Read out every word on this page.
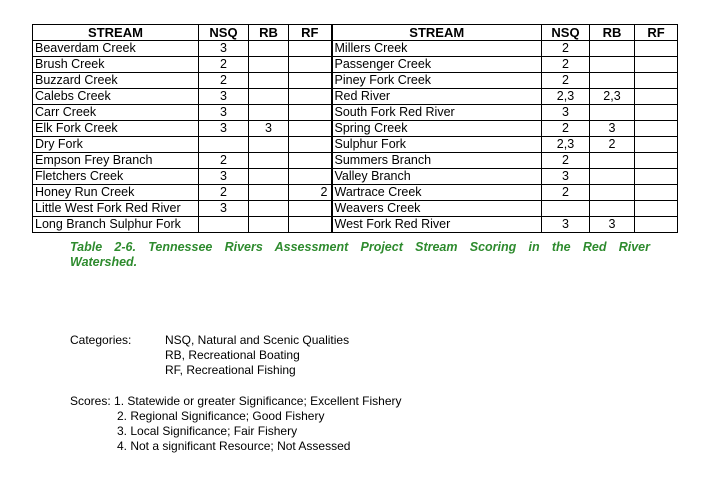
STREAM	NSQ	RB	RF	STREAM	NSQ	RB	RF
Beaverdam Creek	3			Millers Creek	2		
Brush Creek	2			Passenger Creek	2		
Buzzard Creek	2			Piney Fork Creek	2		
Calebs Creek	3			Red River	2,3	2,3	
Carr Creek	3			South Fork Red River	3		
Elk Fork Creek	3	3		Spring Creek	2	3	
Dry Fork				Sulphur Fork	2,3	2	
Empson Frey Branch	2			Summers Branch	2		
Fletchers Creek	3			Valley Branch	3		
Honey Run Creek	2		2	Wartrace Creek	2		
Little West Fork Red River	3			Weavers Creek			
Long Branch Sulphur Fork				West Fork Red River	3	3	
Table 2-6. Tennessee Rivers Assessment Project Stream Scoring in the Red River
Watershed.
Categories:	NSQ, Natural and Scenic Qualities
RB, Recreational Boating
RF, Recreational Fishing
Scores: 1. Statewide or greater Significance; Excellent Fishery
2. Regional Significance; Good Fishery
3. Local Significance; Fair Fishery
4. Not a significant Resource; Not Assessed
